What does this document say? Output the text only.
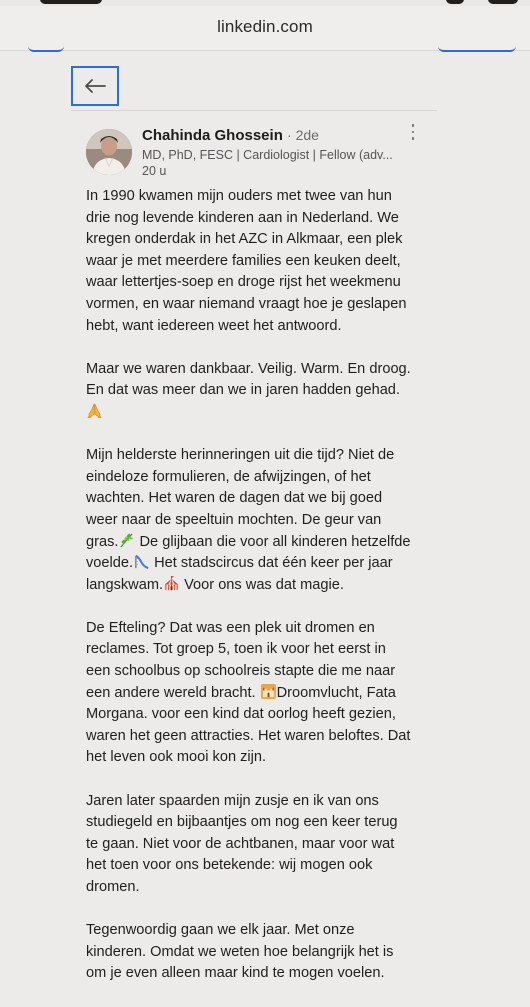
linkedin.com
Chahinda Ghossein · 2de
MD, PhD, FESC | Cardiologist | Fellow (adv...
20 u

In 1990 kwamen mijn ouders met twee van hun
drie nog levende kinderen aan in Nederland. We
kregen onderdak in het AZC in Alkmaar, een plek
waar je met meerdere families een keuken deelt,
waar lettertjes-soep en droge rijst het weekmenu
vormen, en waar niemand vraagt hoe je geslapen
hebt, want iedereen weet het antwoord.

Maar we waren dankbaar. Veilig. Warm. En droog.
En dat was meer dan we in jaren hadden gehad.

Mijn helderste herinneringen uit die tijd? Niet de
eindeloze formulieren, de afwijzingen, of het
wachten. Het waren de dagen dat we bij goed
weer naar de speeltuin mochten. De geur van
gras. De glijbaan die voor all kinderen hetzelfde
voelde. Het stadscircus dat één keer per jaar
langskwam. Voor ons was dat magie.

De Efteling? Dat was een plek uit dromen en
reclames. Tot groep 5, toen ik voor het eerst in
een schoolbus op schoolreis stapte die me naar
een andere wereld bracht. Droomvlucht, Fata
Morgana. voor een kind dat oorlog heeft gezien,
waren het geen attracties. Het waren beloftes. Dat
het leven ook mooi kon zijn.

Jaren later spaarden mijn zusje en ik van ons
studiegeld en bijbaantjes om nog een keer terug
te gaan. Niet voor de achtbanen, maar voor wat
het toen voor ons betekende: wij mogen ook
dromen.

Tegenwoordig gaan we elk jaar. Met onze
kinderen. Omdat we weten hoe belangrijk het is
om je even alleen maar kind te mogen voelen.
